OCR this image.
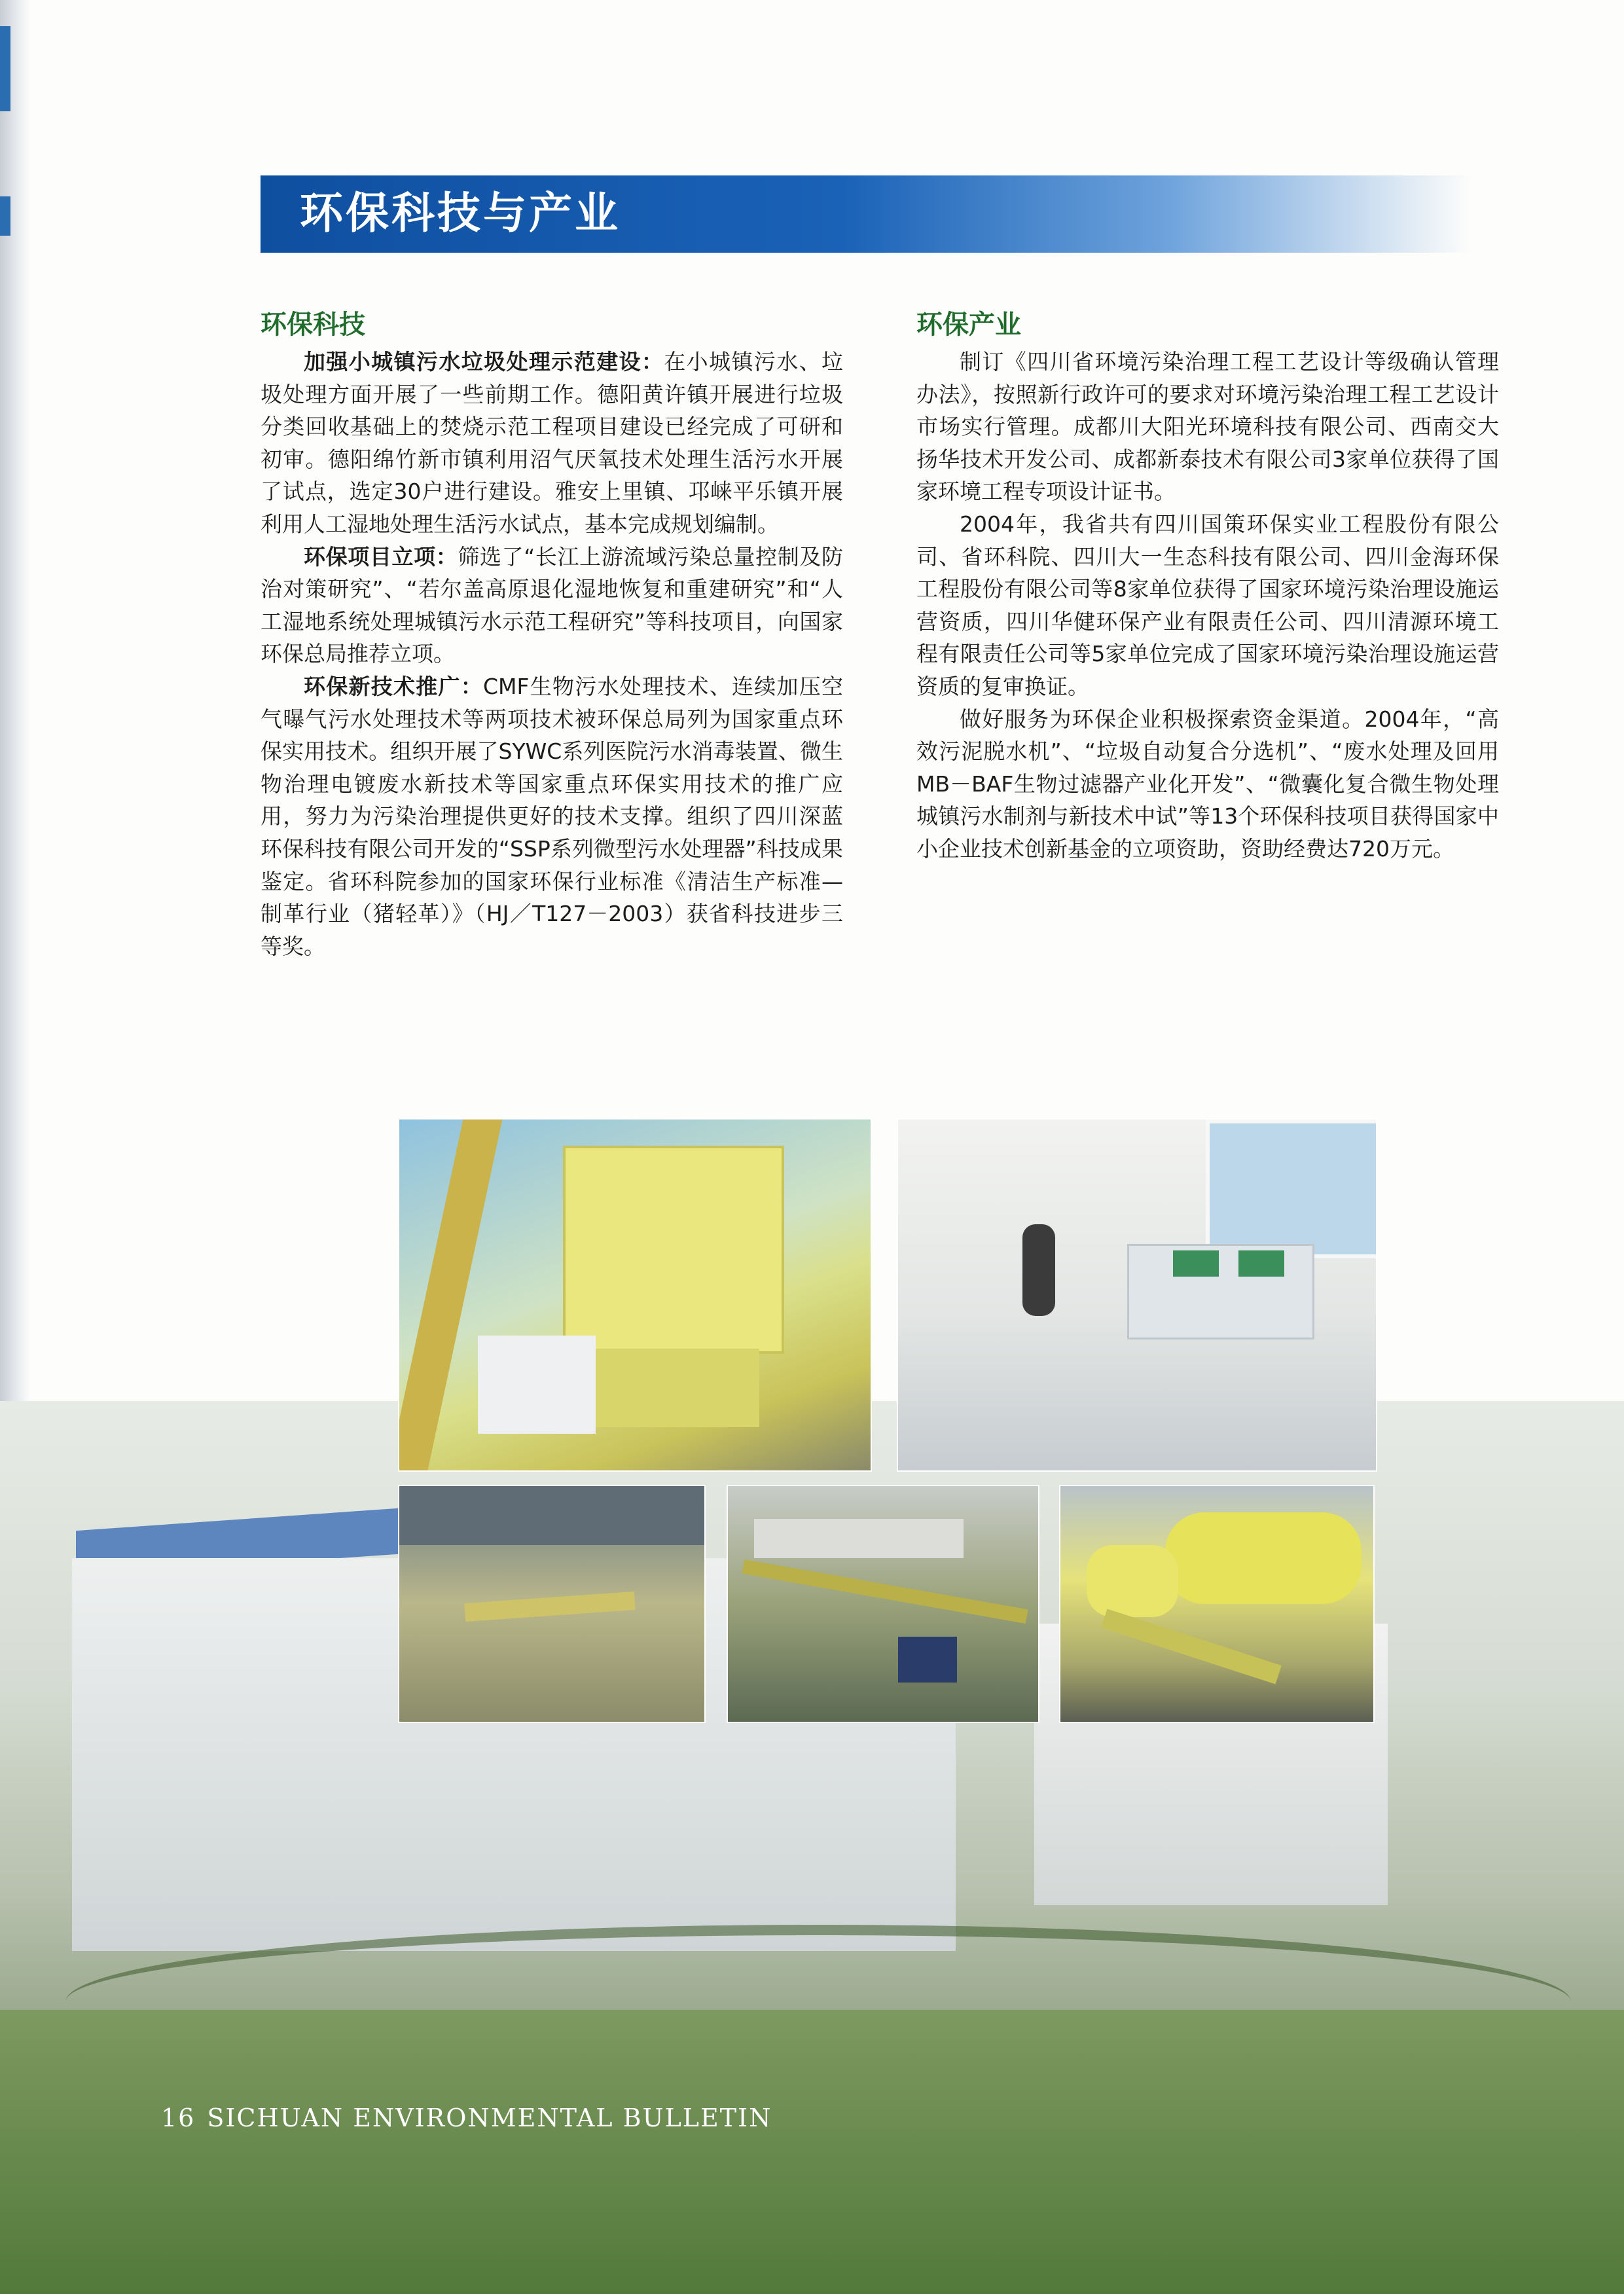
环保科技与产业
环保科技

加强小城镇污水垃圾处理示范建设：在小城镇污水、垃圾处理方面开展了一些前期工作。德阳黄许镇开展进行垃圾分类回收基础上的焚烧示范工程项目建设已经完成了可研和初审。德阳绵竹新市镇利用沼气厌氧技术处理生活污水开展了试点，选定30户进行建设。雅安上里镇、邛崃平乐镇开展利用人工湿地处理生活污水试点，基本完成规划编制。

环保项目立项：筛选了“长江上游流域污染总量控制及防治对策研究”、“若尔盖高原退化湿地恢复和重建研究”和“人工湿地系统处理城镇污水示范工程研究”等科技项目，向国家环保总局推荐立项。

环保新技术推广：CMF生物污水处理技术、连续加压空气曝气污水处理技术等两项技术被环保总局列为国家重点环保实用技术。组织开展了SYWC系列医院污水消毒装置、微生物治理电镀废水新技术等国家重点环保实用技术的推广应用，努力为污染治理提供更好的技术支撑。组织了四川深蓝环保科技有限公司开发的“SSP系列微型污水处理器”科技成果鉴定。省环科院参加的国家环保行业标准《清洁生产标准—制革行业（猪轻革）》（HJ／T127－2003）获省科技进步三等奖。

环保产业

制订《四川省环境污染治理工程工艺设计等级确认管理办法》，按照新行政许可的要求对环境污染治理工程工艺设计市场实行管理。成都川大阳光环境科技有限公司、西南交大扬华技术开发公司、成都新泰技术有限公司3家单位获得了国家环境工程专项设计证书。

2004年，我省共有四川国策环保实业工程股份有限公司、省环科院、四川大一生态科技有限公司、四川金海环保工程股份有限公司等8家单位获得了国家环境污染治理设施运营资质，四川华健环保产业有限责任公司、四川清源环境工程有限责任公司等5家单位完成了国家环境污染治理设施运营资质的复审换证。

做好服务为环保企业积极探索资金渠道。2004年，“高效污泥脱水机”、“垃圾自动复合分选机”、“废水处理及回用MB－BAF生物过滤器产业化开发”、“微囊化复合微生物处理城镇污水制剂与新技术中试”等13个环保科技项目获得国家中小企业技术创新基金的立项资助，资助经费达720万元。

16 SICHUAN ENVIRONMENTAL BULLETIN
